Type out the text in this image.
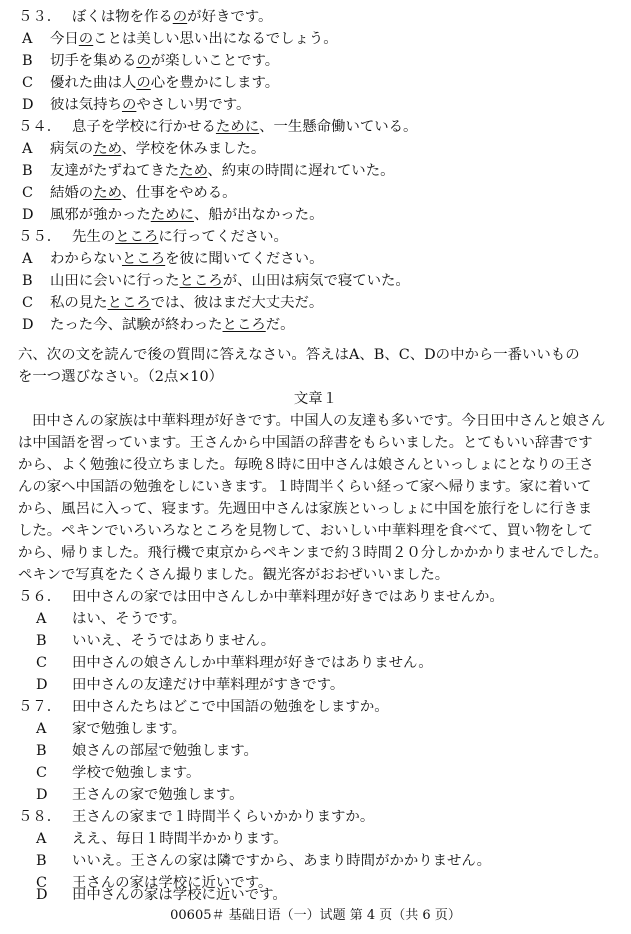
５３． ぼくは物を作るのが好きです。
A 今日のことは美しい思い出になるでしょう。
B 切手を集めるのが楽しいことです。
C 優れた曲は人の心を豊かにします。
D 彼は気持ちのやさしい男です。
５４． 息子を学校に行かせるために、一生懸命働いている。
A 病気のため、学校を休みました。
B 友達がたずねてきたため、約束の時間に遅れていた。
C 結婚のため、仕事をやめる。
D 風邪が強かったために、船が出なかった。
５５． 先生のところに行ってください。
A わからないところを彼に聞いてください。
B 山田に会いに行ったところが、山田は病気で寝ていた。
C 私の見たところでは、彼はまだ大丈夫だ。
D たった今、試験が終わったところだ。
六、次の文を読んで後の質問に答えなさい。答えはA、B、C、Dの中から一番いいもの
を一つ選びなさい。（2点×10）
文章１
田中さんの家族は中華料理が好きです。中国人の友達も多いです。今日田中さんと娘さん
は中国語を習っています。王さんから中国語の辞書をもらいました。とてもいい辞書です
から、よく勉強に役立ちました。毎晩８時に田中さんは娘さんといっしょにとなりの王さ
んの家へ中国語の勉強をしにいきます。１時間半くらい経って家へ帰ります。家に着いて
から、風呂に入って、寝ます。先週田中さんは家族といっしょに中国を旅行をしに行きま
した。ペキンでいろいろなところを見物して、おいしい中華料理を食べて、買い物をして
から、帰りました。飛行機で東京からペキンまで約３時間２０分しかかかりませんでした。
ペキンで写真をたくさん撮りました。観光客がおおぜいいました。
５６． 田中さんの家では田中さんしか中華料理が好きではありませんか。
A はい、そうです。
B いいえ、そうではありません。
C 田中さんの娘さんしか中華料理が好きではありません。
D 田中さんの友達だけ中華料理がすきです。
５７． 田中さんたちはどこで中国語の勉強をしますか。
A 家で勉強します。
B 娘さんの部屋で勉強します。
C 学校で勉強します。
D 王さんの家で勉強します。
５８． 王さんの家まで１時間半くらいかかりますか。
A ええ、毎日１時間半かかります。
B いいえ。王さんの家は隣ですから、あまり時間がかかりません。
C 王さんの家は学校に近いです。
00605＃ 基础日语（一）试题 第 4 页（共 6 页）
D 田中さんの家は学校に近いです。
